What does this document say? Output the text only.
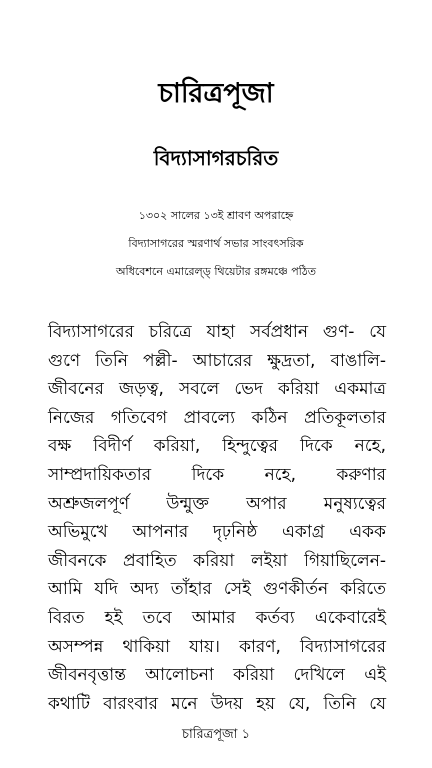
চারিত্রপূজা
বিদ্যাসাগরচরিত
১৩০২ সালের ১৩ই শ্রাবণ অপরাহ্নে
বিদ্যাসাগরের স্মরণার্থ সভার সাংবৎসরিক
অধিবেশনে এমারেল্ড্ থিয়েটার রঙ্গমঞ্চে পঠিত
বিদ্যাসাগরের চরিত্রে যাহা সর্বপ্রধান গুণ- যে
গুণে তিনি পল্লী- আচারের ক্ষুদ্রতা, বাঙালি-
জীবনের জড়ত্ব, সবলে ভেদ করিয়া একমাত্র
নিজের গতিবেগ প্রাবল্যে কঠিন প্রতিকূলতার
বক্ষ বিদীর্ণ করিয়া, হিন্দুত্বের দিকে নহে,
সাম্প্রদায়িকতার দিকে নহে, করুণার
অশ্রুজলপূর্ণ উন্মুক্ত অপার মনুষ্যত্বের
অভিমুখে আপনার দৃঢ়নিষ্ঠ একাগ্র একক
জীবনকে প্রবাহিত করিয়া লইয়া গিয়াছিলেন-
আমি যদি অদ্য তাঁহার সেই গুণকীর্তন করিতে
বিরত হই তবে আমার কর্তব্য একেবারেই
অসম্পন্ন থাকিয়া যায়। কারণ, বিদ্যাসাগরের
জীবনবৃত্তান্ত আলোচনা করিয়া দেখিলে এই
কথাটি বারংবার মনে উদয় হয় যে, তিনি যে
চারিত্রপূজা ১
